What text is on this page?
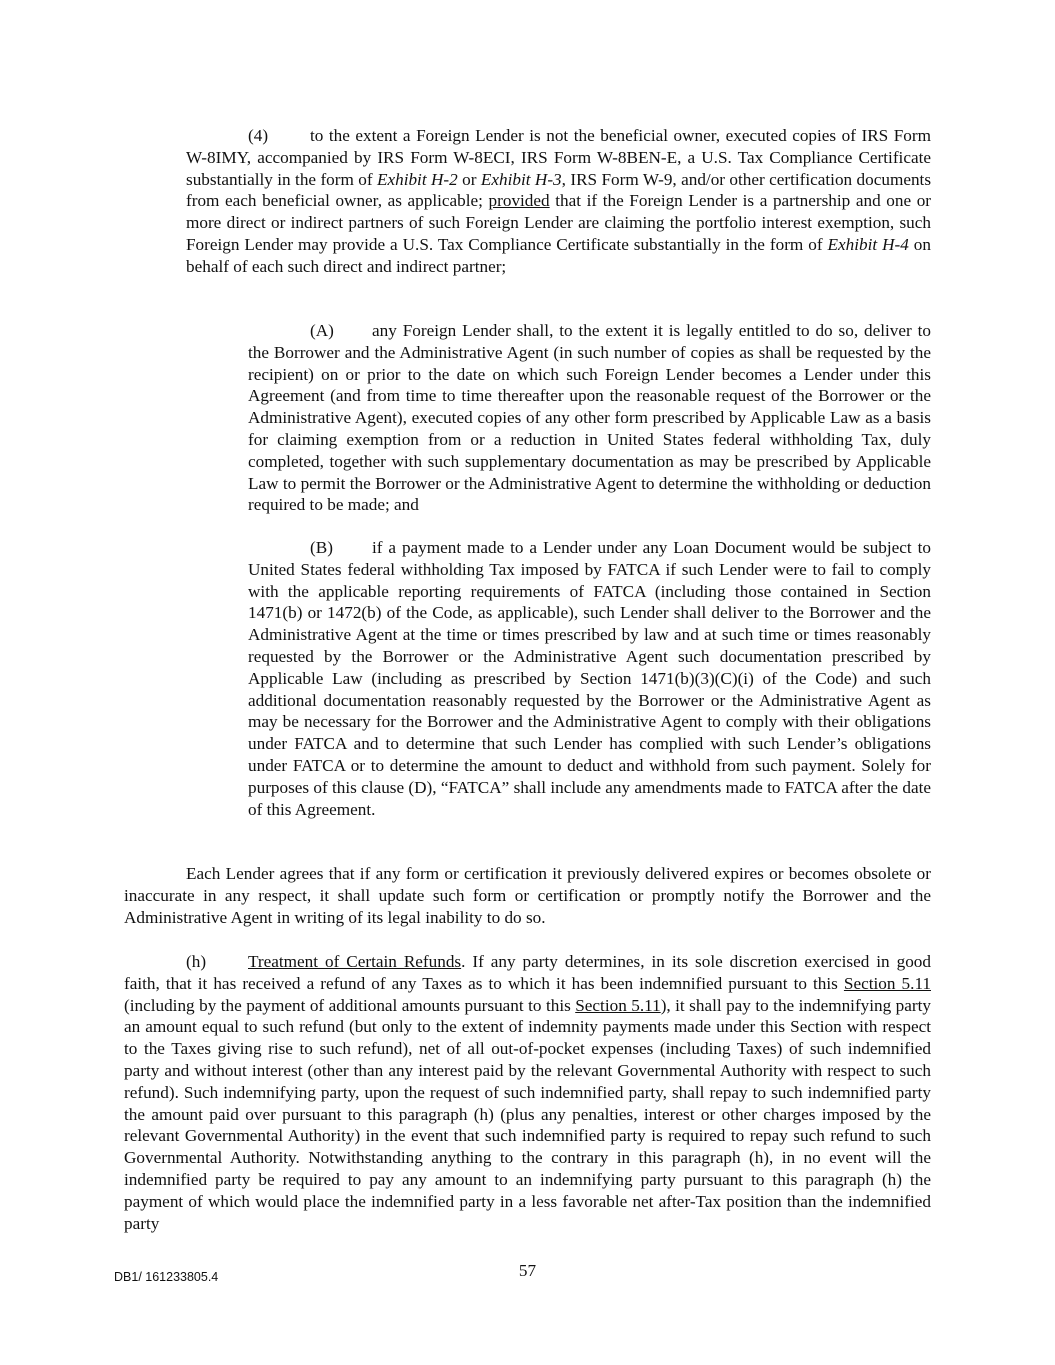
(4) to the extent a Foreign Lender is not the beneficial owner, executed copies of IRS Form W-8IMY, accompanied by IRS Form W-8ECI, IRS Form W-8BEN-E, a U.S. Tax Compliance Certificate substantially in the form of Exhibit H-2 or Exhibit H-3, IRS Form W-9, and/or other certification documents from each beneficial owner, as applicable; provided that if the Foreign Lender is a partnership and one or more direct or indirect partners of such Foreign Lender are claiming the portfolio interest exemption, such Foreign Lender may provide a U.S. Tax Compliance Certificate substantially in the form of Exhibit H-4 on behalf of each such direct and indirect partner;

(A) any Foreign Lender shall, to the extent it is legally entitled to do so, deliver to the Borrower and the Administrative Agent (in such number of copies as shall be requested by the recipient) on or prior to the date on which such Foreign Lender becomes a Lender under this Agreement (and from time to time thereafter upon the reasonable request of the Borrower or the Administrative Agent), executed copies of any other form prescribed by Applicable Law as a basis for claiming exemption from or a reduction in United States federal withholding Tax, duly completed, together with such supplementary documentation as may be prescribed by Applicable Law to permit the Borrower or the Administrative Agent to determine the withholding or deduction required to be made; and

(B) if a payment made to a Lender under any Loan Document would be subject to United States federal withholding Tax imposed by FATCA if such Lender were to fail to comply with the applicable reporting requirements of FATCA (including those contained in Section 1471(b) or 1472(b) of the Code, as applicable), such Lender shall deliver to the Borrower and the Administrative Agent at the time or times prescribed by law and at such time or times reasonably requested by the Borrower or the Administrative Agent such documentation prescribed by Applicable Law (including as prescribed by Section 1471(b)(3)(C)(i) of the Code) and such additional documentation reasonably requested by the Borrower or the Administrative Agent as may be necessary for the Borrower and the Administrative Agent to comply with their obligations under FATCA and to determine that such Lender has complied with such Lender’s obligations under FATCA or to determine the amount to deduct and withhold from such payment. Solely for purposes of this clause (D), “FATCA” shall include any amendments made to FATCA after the date of this Agreement.

Each Lender agrees that if any form or certification it previously delivered expires or becomes obsolete or inaccurate in any respect, it shall update such form or certification or promptly notify the Borrower and the Administrative Agent in writing of its legal inability to do so.

(h) Treatment of Certain Refunds. If any party determines, in its sole discretion exercised in good faith, that it has received a refund of any Taxes as to which it has been indemnified pursuant to this Section 5.11 (including by the payment of additional amounts pursuant to this Section 5.11), it shall pay to the indemnifying party an amount equal to such refund (but only to the extent of indemnity payments made under this Section with respect to the Taxes giving rise to such refund), net of all out-of-pocket expenses (including Taxes) of such indemnified party and without interest (other than any interest paid by the relevant Governmental Authority with respect to such refund). Such indemnifying party, upon the request of such indemnified party, shall repay to such indemnified party the amount paid over pursuant to this paragraph (h) (plus any penalties, interest or other charges imposed by the relevant Governmental Authority) in the event that such indemnified party is required to repay such refund to such Governmental Authority. Notwithstanding anything to the contrary in this paragraph (h), in no event will the indemnified party be required to pay any amount to an indemnifying party pursuant to this paragraph (h) the payment of which would place the indemnified party in a less favorable net after-Tax position than the indemnified party

DB1/ 161233805.4	57
